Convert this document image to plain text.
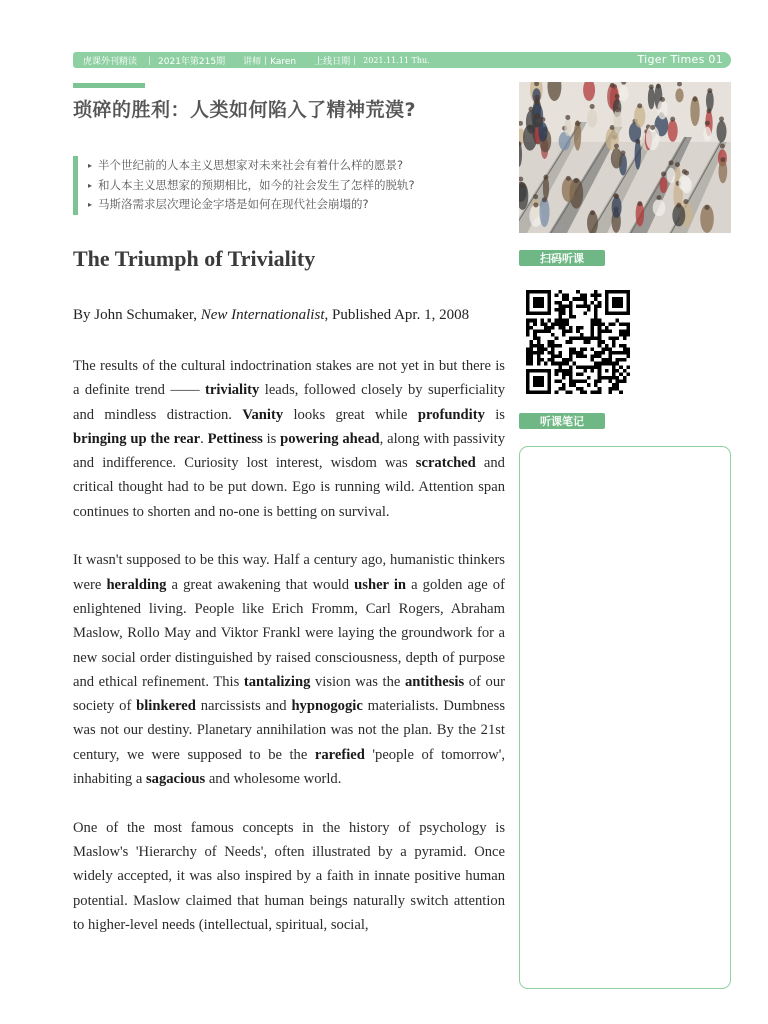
虎课外刊精读 丨 2021年第215期 讲师丨Karen 上线日期丨 2021.11.11 Thu.	Tiger Times 01
琐碎的胜利：人类如何陷入了精神荒漠?
▸ 半个世纪前的人本主义思想家对未来社会有着什么样的愿景?
▸ 和人本主义思想家的预期相比，如今的社会发生了怎样的脱轨?
▸ 马斯洛需求层次理论金字塔是如何在现代社会崩塌的?
The Triumph of Triviality
By John Schumaker, New Internationalist, Published Apr. 1, 2008
The results of the cultural indoctrination stakes are not yet in but there is a definite trend —— triviality leads, followed closely by superficiality and mindless distraction. Vanity looks great while profundity is bringing up the rear. Pettiness is powering ahead, along with passivity and indifference. Curiosity lost interest, wisdom was scratched and critical thought had to be put down. Ego is running wild. Attention span continues to shorten and no-one is betting on survival.
It wasn't supposed to be this way. Half a century ago, humanistic thinkers were heralding a great awakening that would usher in a golden age of enlightened living. People like Erich Fromm, Carl Rogers, Abraham Maslow, Rollo May and Viktor Frankl were laying the groundwork for a new social order distinguished by raised consciousness, depth of purpose and ethical refinement. This tantalizing vision was the antithesis of our society of blinkered narcissists and hypnogogic materialists. Dumbness was not our destiny. Planetary annihilation was not the plan. By the 21st century, we were supposed to be the rarefied 'people of tomorrow', inhabiting a sagacious and wholesome world.
One of the most famous concepts in the history of psychology is Maslow's 'Hierarchy of Needs', often illustrated by a pyramid. Once widely accepted, it was also inspired by a faith in innate positive human potential. Maslow claimed that human beings naturally switch attention to higher-level needs (intellectual, spiritual, social,
扫码听课
听课笔记
